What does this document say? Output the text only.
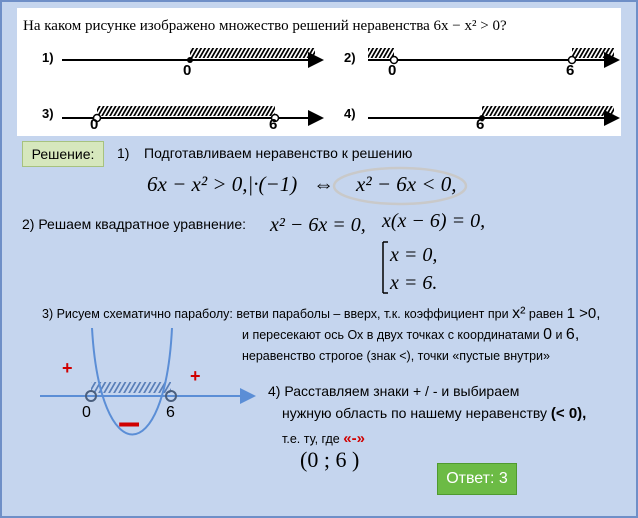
На каком рисунке изображено множество решений неравенства 6x − x² > 0?
1)
0
2)
0	6
3)
0	6
4)
6
Решение:	1) Подготавливаем неравенство к решению
6x − x² > 0,|·(−1) ⇔ x² − 6x < 0,
2) Решаем квадратное уравнение: x² − 6x = 0, x(x − 6) = 0,
x = 0,
x = 6.
3) Рисуем схематично параболу: ветви параболы – вверх, т.к. коэффициент при x² равен 1 >0,
и пересекают ось Ох в двух точках с координатами 0 и 6,
неравенство строгое (знак <), точки «пустые внутри»
+	+
–
0	6
4) Расставляем знаки + / - и выбираем
нужную область по нашему неравенству (< 0),
т.е. ту, где «-»
(0 ; 6 )
Ответ: 3
